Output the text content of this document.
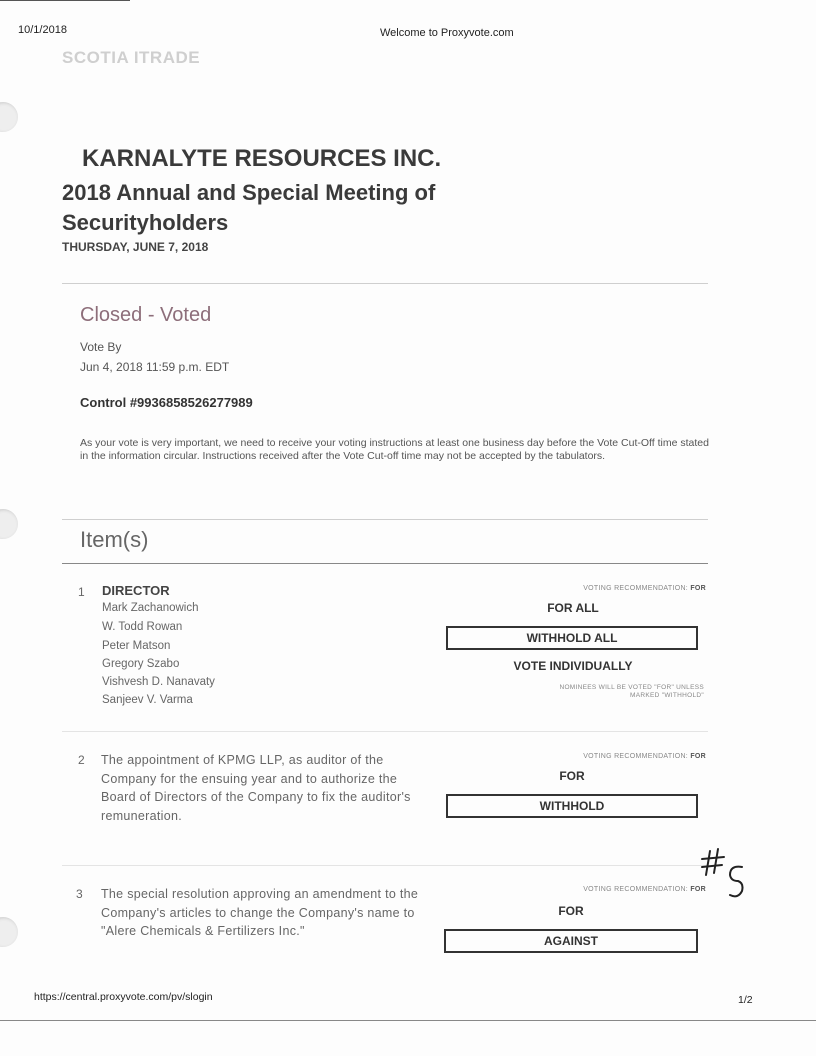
10/1/2018	Welcome to Proxyvote.com
SCOTIA ITRADE
KARNALYTE RESOURCES INC.
2018 Annual and Special Meeting of Securityholders
THURSDAY, JUNE 7, 2018
Closed - Voted
Vote By
Jun 4, 2018 11:59 p.m. EDT
Control #9936858526277989
As your vote is very important, we need to receive your voting instructions at least one business day before the Vote Cut-Off time stated in the information circular. Instructions received after the Vote Cut-off time may not be accepted by the tabulators.
Item(s)
1 DIRECTOR
Mark Zachanowich
W. Todd Rowan
Peter Matson
Gregory Szabo
Vishvesh D. Nanavaty
Sanjeev V. Varma
VOTING RECOMMENDATION: FOR
FOR ALL
WITHHOLD ALL
VOTE INDIVIDUALLY
NOMINEES WILL BE VOTED "FOR" UNLESS
MARKED "WITHHOLD"
2 The appointment of KPMG LLP, as auditor of the Company for the ensuing year and to authorize the Board of Directors of the Company to fix the auditor's remuneration.
VOTING RECOMMENDATION: FOR
FOR
WITHHOLD
3 The special resolution approving an amendment to the Company's articles to change the Company's name to "Alere Chemicals & Fertilizers Inc."
VOTING RECOMMENDATION: FOR
FOR
AGAINST
https://central.proxyvote.com/pv/slogin	1/2
